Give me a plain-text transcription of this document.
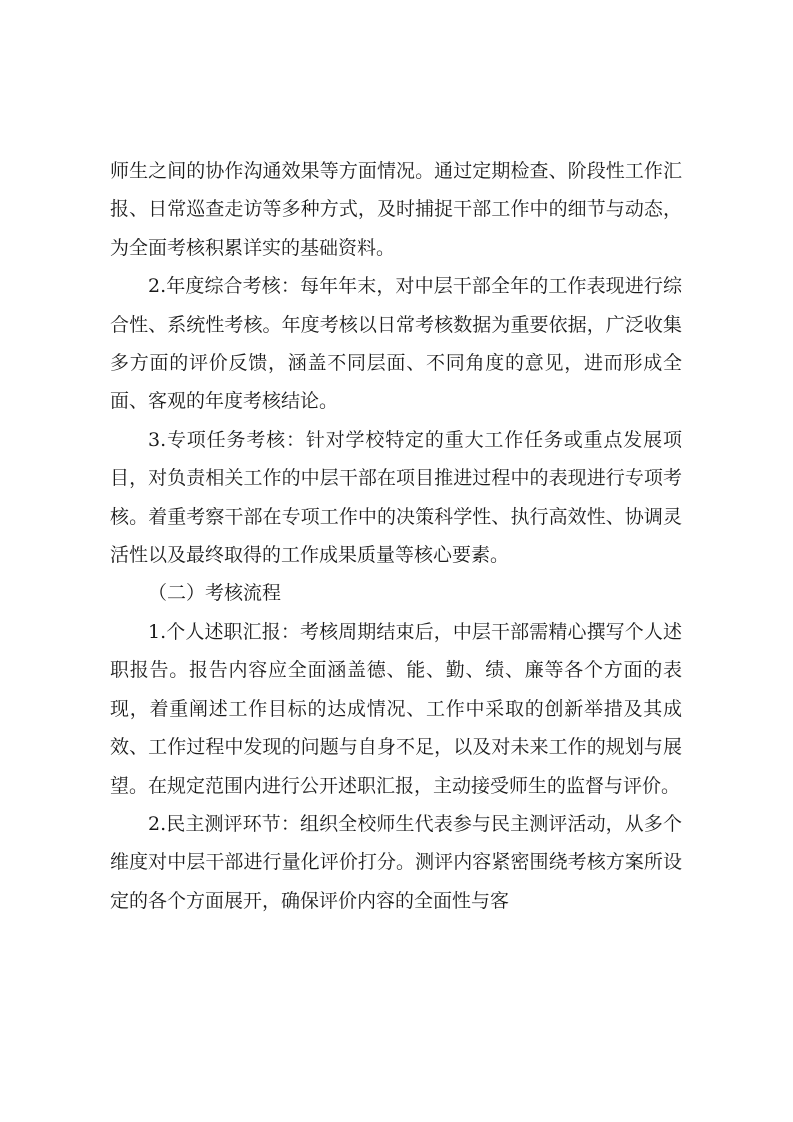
师生之间的协作沟通效果等方面情况。通过定期检查、阶段性工作汇报、日常巡查走访等多种方式，及时捕捉干部工作中的细节与动态，为全面考核积累详实的基础资料。

2.年度综合考核：每年年末，对中层干部全年的工作表现进行综合性、系统性考核。年度考核以日常考核数据为重要依据，广泛收集多方面的评价反馈，涵盖不同层面、不同角度的意见，进而形成全面、客观的年度考核结论。

3.专项任务考核：针对学校特定的重大工作任务或重点发展项目，对负责相关工作的中层干部在项目推进过程中的表现进行专项考核。着重考察干部在专项工作中的决策科学性、执行高效性、协调灵活性以及最终取得的工作成果质量等核心要素。

（二）考核流程

1.个人述职汇报：考核周期结束后，中层干部需精心撰写个人述职报告。报告内容应全面涵盖德、能、勤、绩、廉等各个方面的表现，着重阐述工作目标的达成情况、工作中采取的创新举措及其成效、工作过程中发现的问题与自身不足，以及对未来工作的规划与展望。在规定范围内进行公开述职汇报，主动接受师生的监督与评价。

2.民主测评环节：组织全校师生代表参与民主测评活动，从多个维度对中层干部进行量化评价打分。测评内容紧密围绕考核方案所设定的各个方面展开，确保评价内容的全面性与客
